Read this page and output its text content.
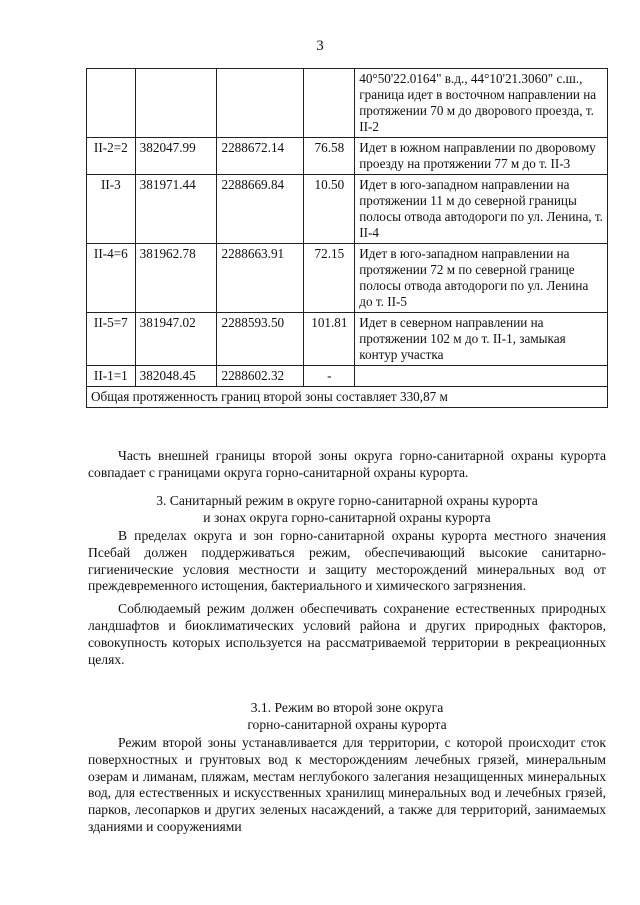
3
				40°50'22.0164" в.д., 44°10'21.3060" с.ш., граница идет в восточном направлении на протяжении 70 м до дворового проезда, т. II-2
II-2=2	382047.99	2288672.14	76.58	Идет в южном направлении по дворовому проезду на протяжении 77 м до т. II-3
II-3	381971.44	2288669.84	10.50	Идет в юго-западном направлении на протяжении 11 м до северной границы полосы отвода автодороги по ул. Ленина, т. II-4
II-4=6	381962.78	2288663.91	72.15	Идет в юго-западном направлении на протяжении 72 м по северной границе полосы отвода автодороги по ул. Ленина до т. II-5
II-5=7	381947.02	2288593.50	101.81	Идет в северном направлении на протяжении 102 м до т. II-1, замыкая контур участка
II-1=1	382048.45	2288602.32	-	
Общая протяженность границ второй зоны составляет 330,87 м				

Часть внешней границы второй зоны округа горно-санитарной охраны курорта совпадает с границами округа горно-санитарной охраны курорта.

3. Санитарный режим в округе горно-санитарной охраны курорта

и зонах округа горно-санитарной охраны курорта

В пределах округа и зон горно-санитарной охраны курорта местного значения Псебай должен поддерживаться режим, обеспечивающий высокие санитарно-гигиенические условия местности и защиту месторождений минеральных вод от преждевременного истощения, бактериального и химического загрязнения.

Соблюдаемый режим должен обеспечивать сохранение естественных природных ландшафтов и биоклиматических условий района и других природных факторов, совокупность которых используется на рассматриваемой территории в рекреационных целях.

3.1. Режим во второй зоне округа

горно-санитарной охраны курорта

Режим второй зоны устанавливается для территории, с которой происходит сток поверхностных и грунтовых вод к месторождениям лечебных грязей, минеральным озерам и лиманам, пляжам, местам неглубокого залегания незащищенных минеральных вод, для естественных и искусственных хранилищ минеральных вод и лечебных грязей, парков, лесопарков и других зеленых насаждений, а также для территорий, занимаемых зданиями и сооружениями
